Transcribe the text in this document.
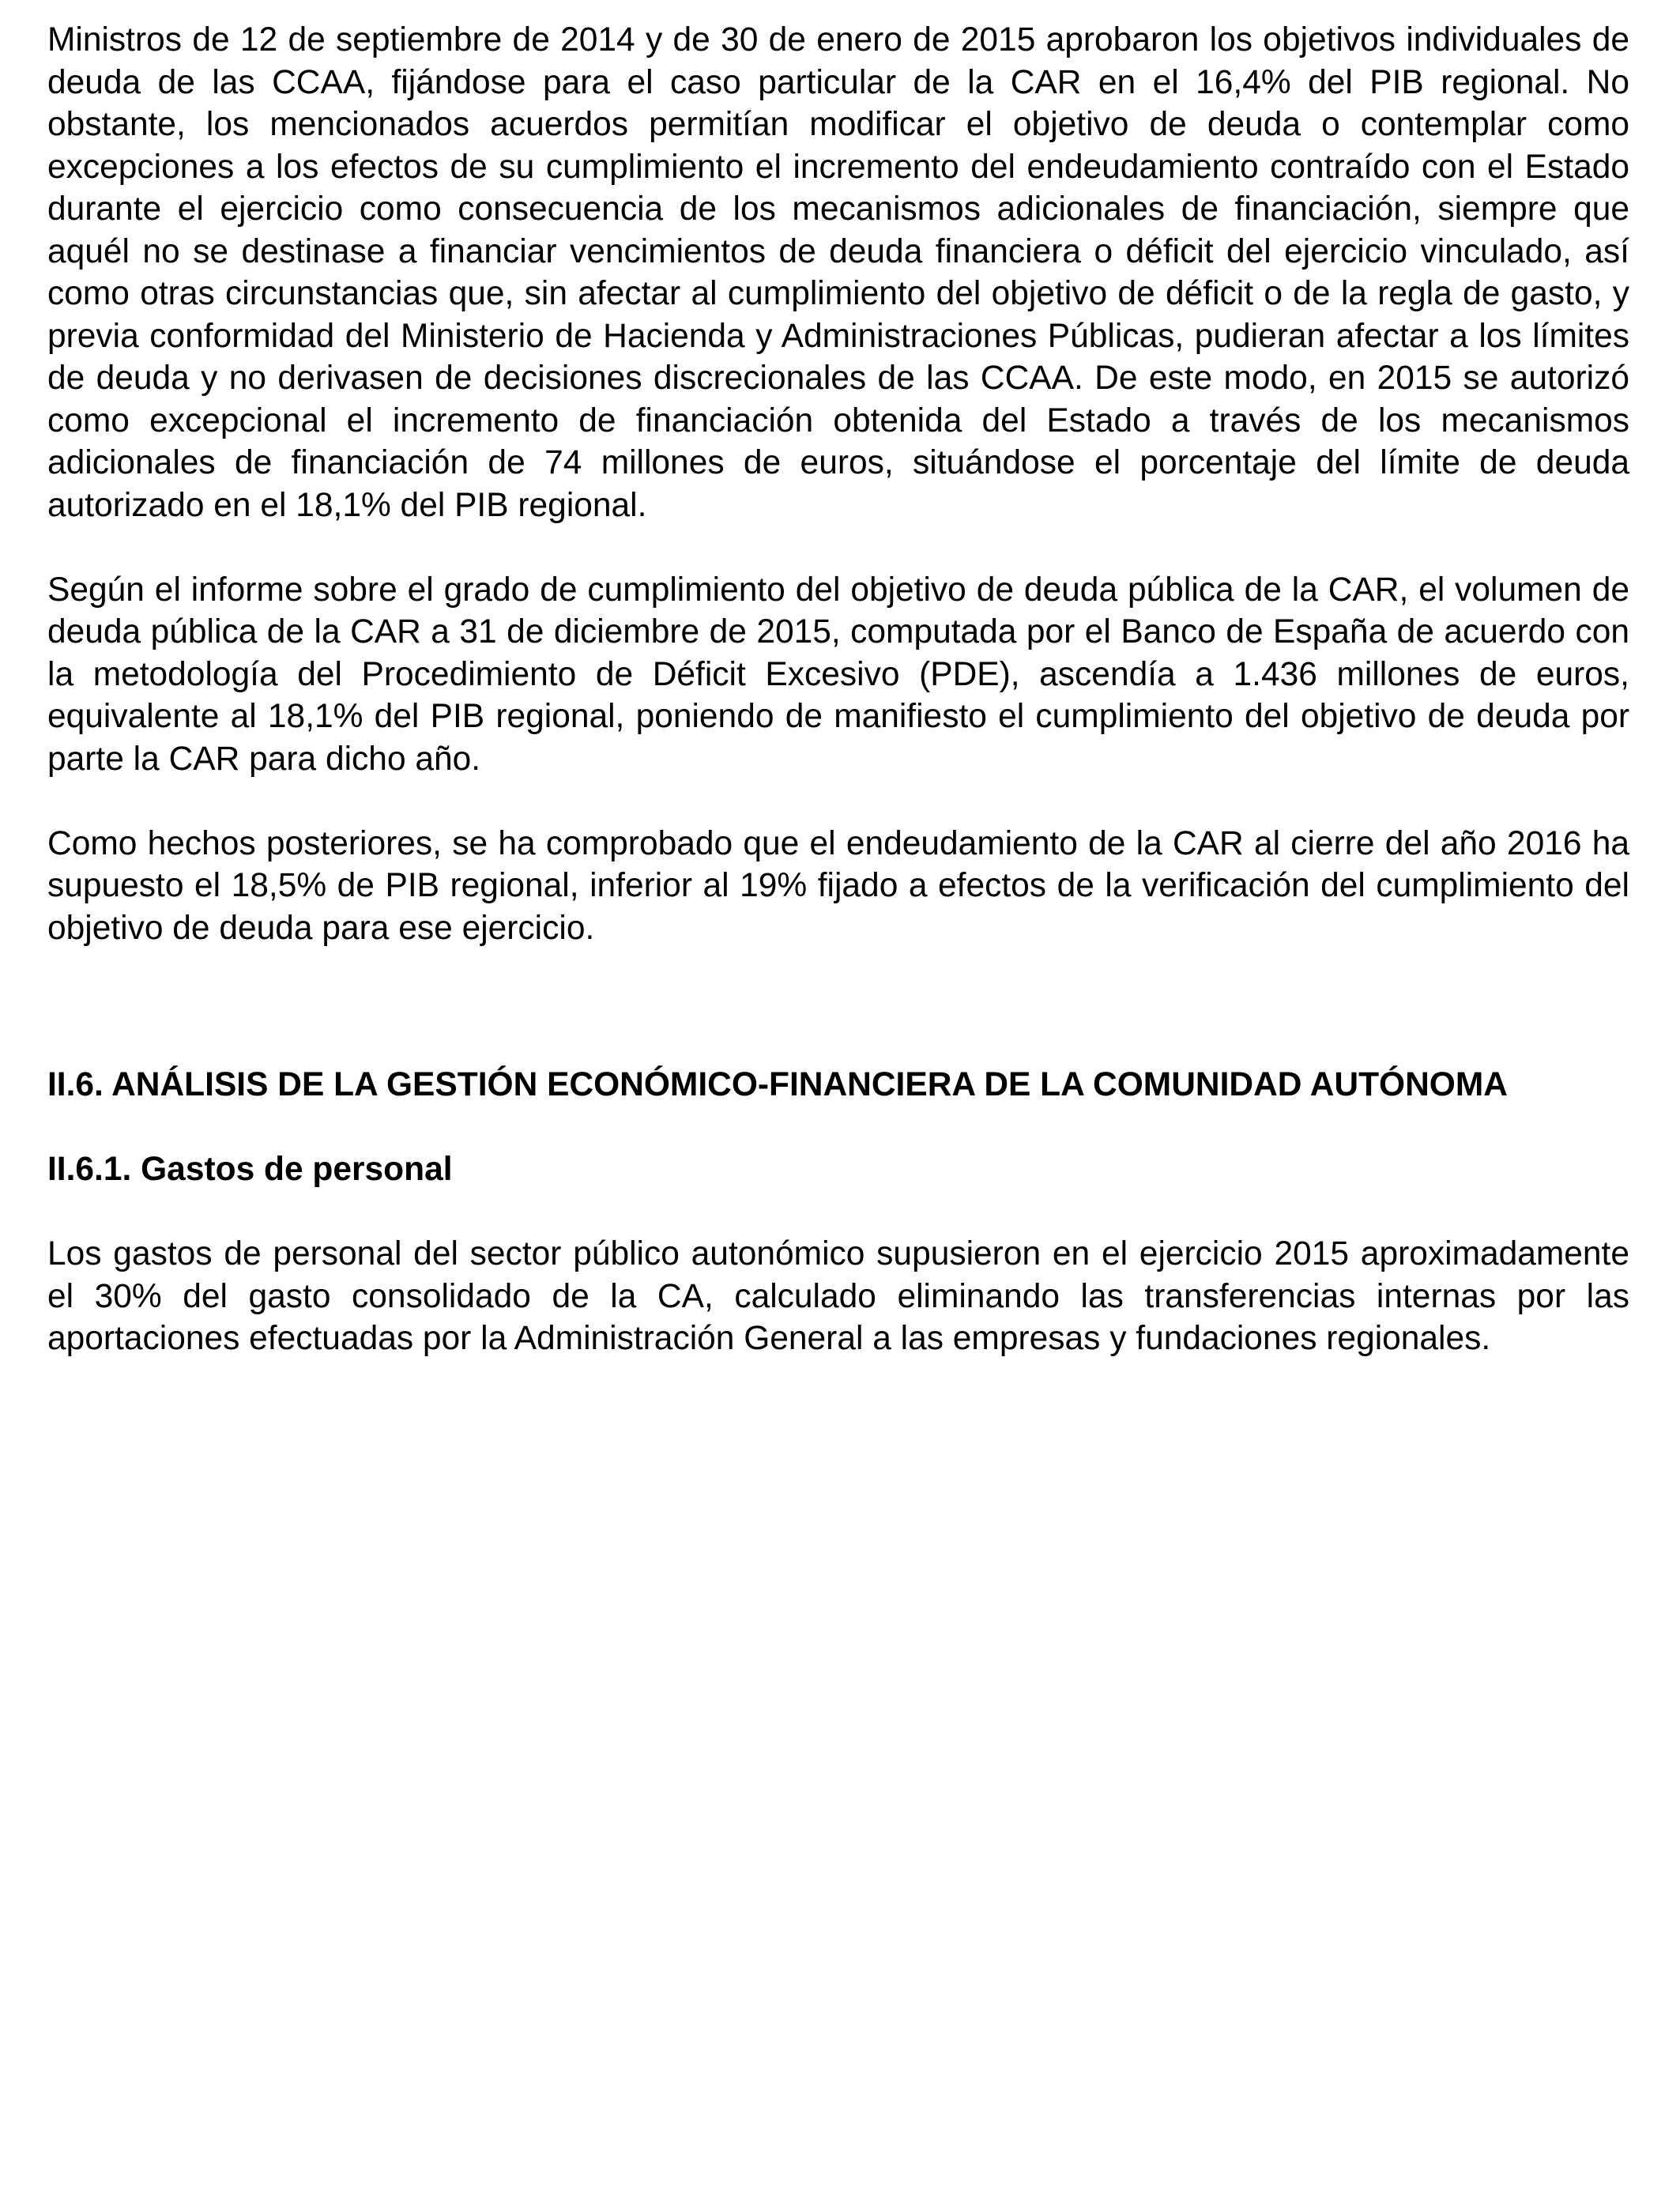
Ministros de 12 de septiembre de 2014 y de 30 de enero de 2015 aprobaron los objetivos individuales de deuda de las CCAA, fijándose para el caso particular de la CAR en el 16,4% del PIB regional. No obstante, los mencionados acuerdos permitían modificar el objetivo de deuda o contemplar como excepciones a los efectos de su cumplimiento el incremento del endeudamiento contraído con el Estado durante el ejercicio como consecuencia de los mecanismos adicionales de financiación, siempre que aquél no se destinase a financiar vencimientos de deuda financiera o déficit del ejercicio vinculado, así como otras circunstancias que, sin afectar al cumplimiento del objetivo de déficit o de la regla de gasto, y previa conformidad del Ministerio de Hacienda y Administraciones Públicas, pudieran afectar a los límites de deuda y no derivasen de decisiones discrecionales de las CCAA. De este modo, en 2015 se autorizó como excepcional el incremento de financiación obtenida del Estado a través de los mecanismos adicionales de financiación de 74 millones de euros, situándose el porcentaje del límite de deuda autorizado en el 18,1% del PIB regional.

Según el informe sobre el grado de cumplimiento del objetivo de deuda pública de la CAR, el volumen de deuda pública de la CAR a 31 de diciembre de 2015, computada por el Banco de España de acuerdo con la metodología del Procedimiento de Déficit Excesivo (PDE), ascendía a 1.436 millones de euros, equivalente al 18,1% del PIB regional, poniendo de manifiesto el cumplimiento del objetivo de deuda por parte la CAR para dicho año.

Como hechos posteriores, se ha comprobado que el endeudamiento de la CAR al cierre del año 2016 ha supuesto el 18,5% de PIB regional, inferior al 19% fijado a efectos de la verificación del cumplimiento del objetivo de deuda para ese ejercicio.

II.6. ANÁLISIS DE LA GESTIÓN ECONÓMICO-FINANCIERA DE LA COMUNIDAD AUTÓNOMA
II.6.1. Gastos de personal

Los gastos de personal del sector público autonómico supusieron en el ejercicio 2015 aproximadamente el 30% del gasto consolidado de la CA, calculado eliminando las transferencias internas por las aportaciones efectuadas por la Administración General a las empresas y fundaciones regionales.
